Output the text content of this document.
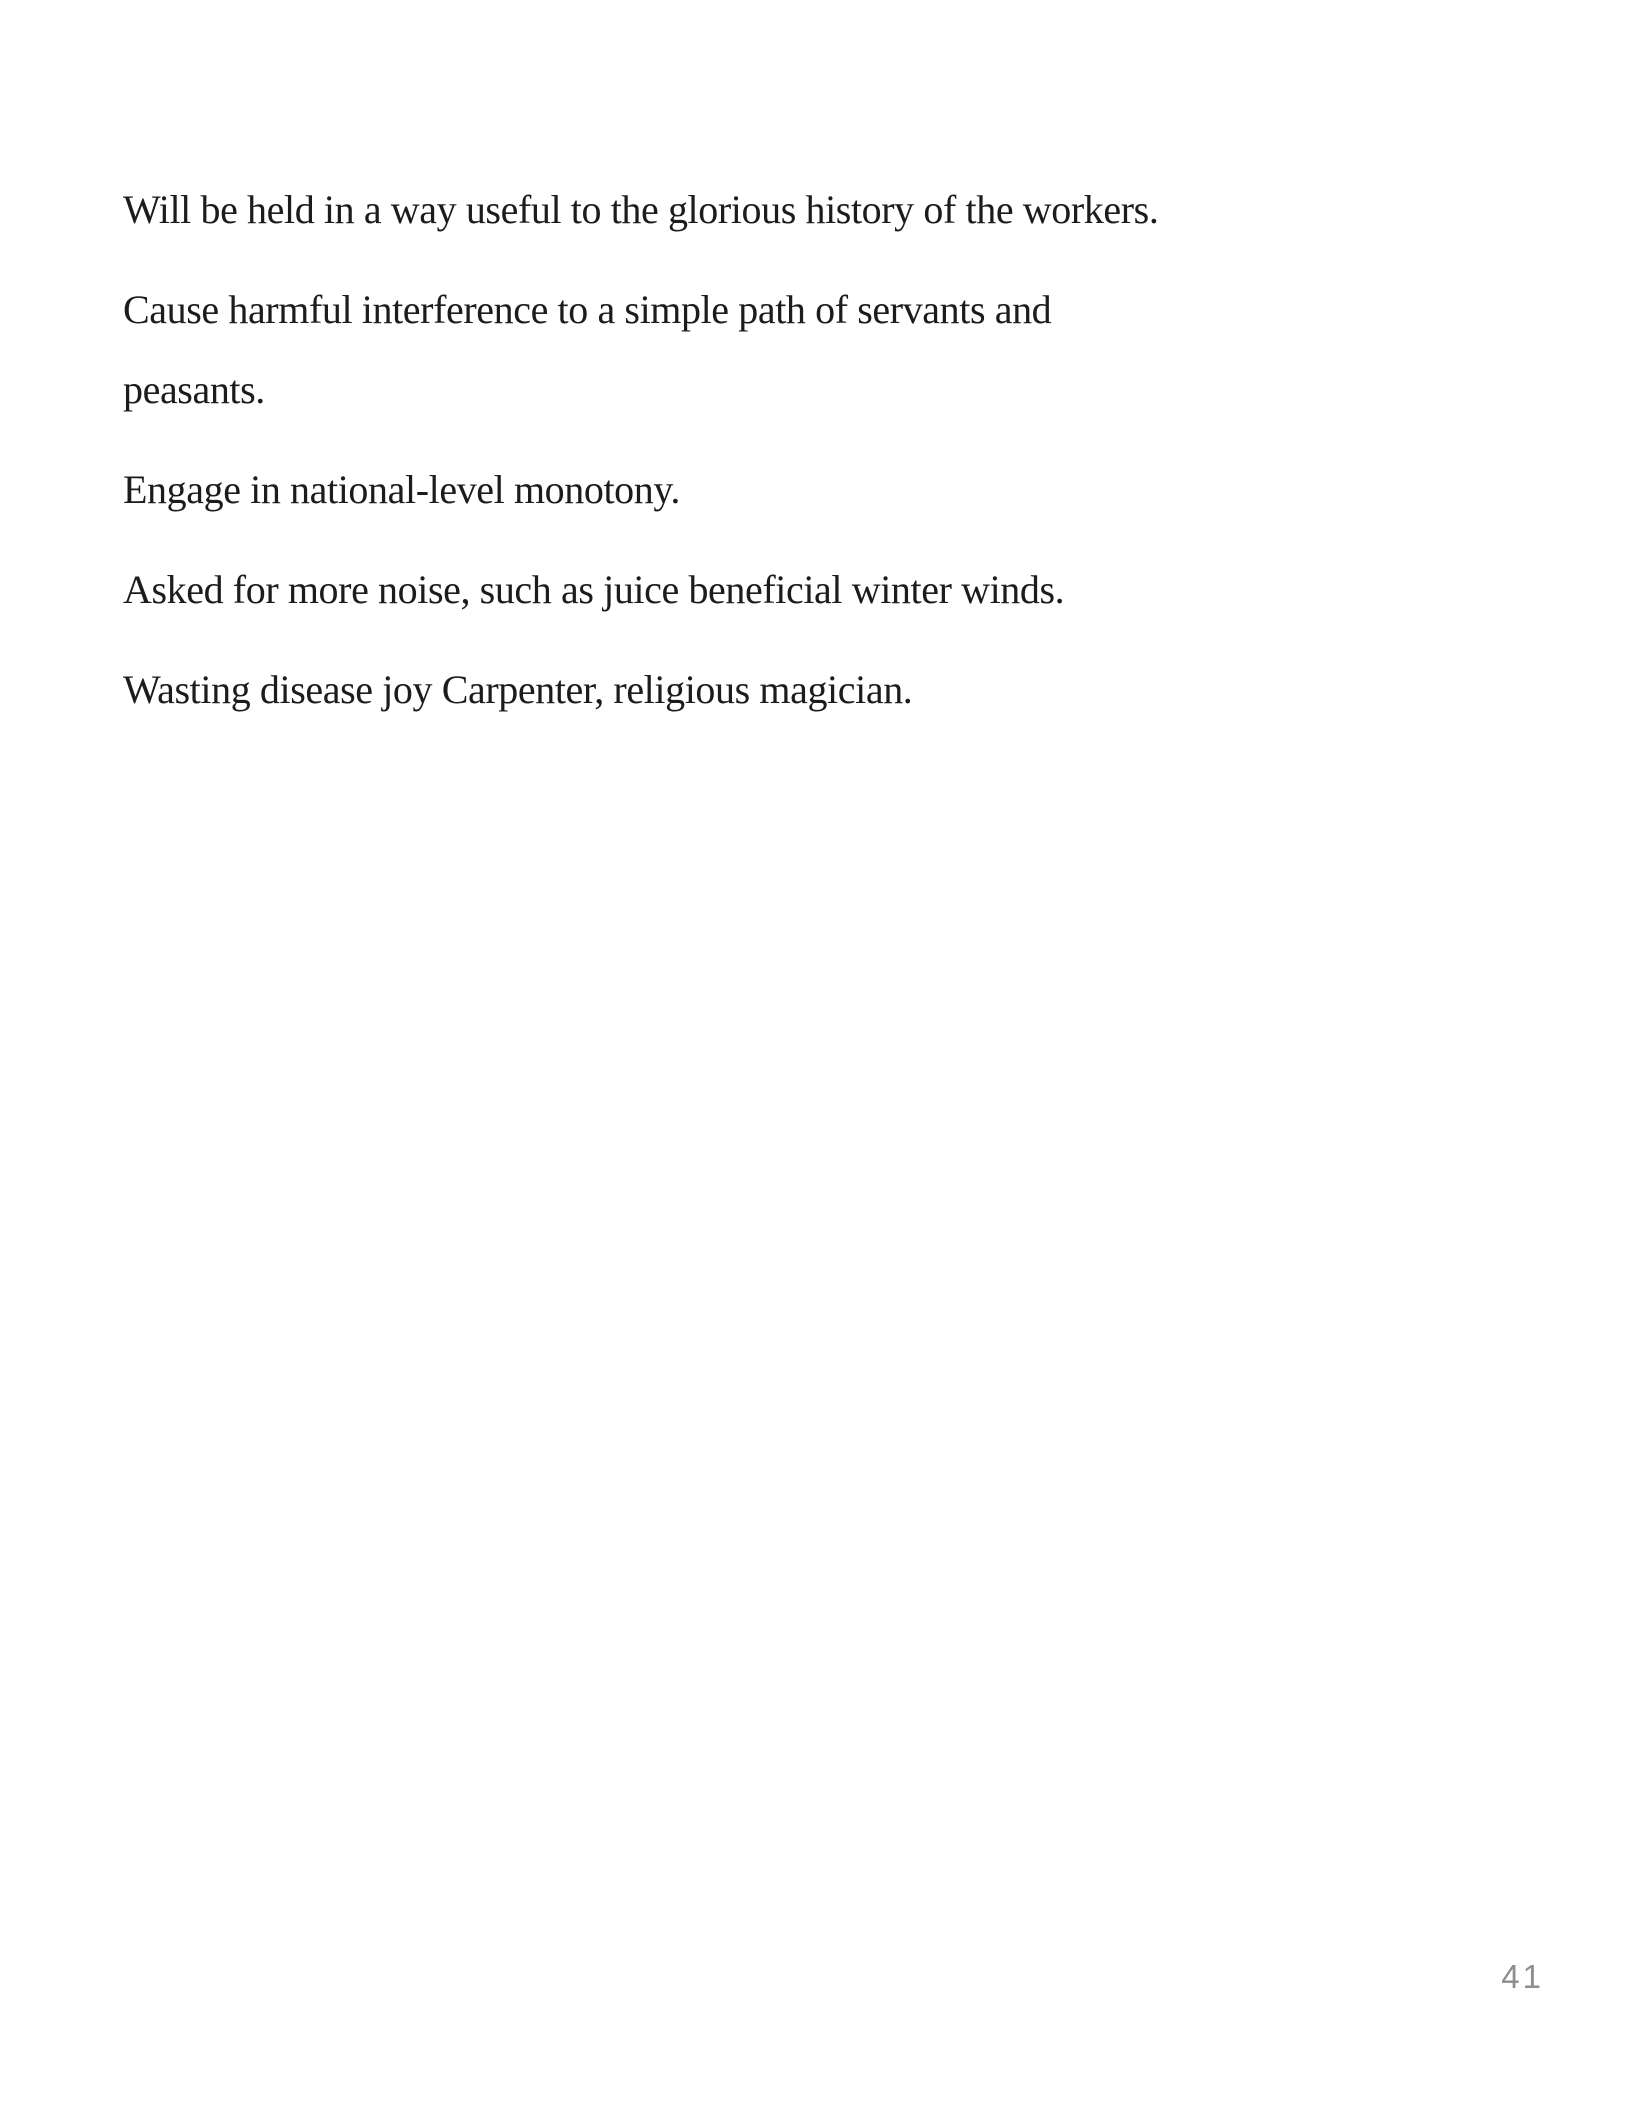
Will be held in a way useful to the glorious history of the workers.

Cause harmful interference to a simple path of servants and peasants.

Engage in national-level monotony.

Asked for more noise, such as juice beneficial winter winds.

Wasting disease joy Carpenter, religious magician.

41
